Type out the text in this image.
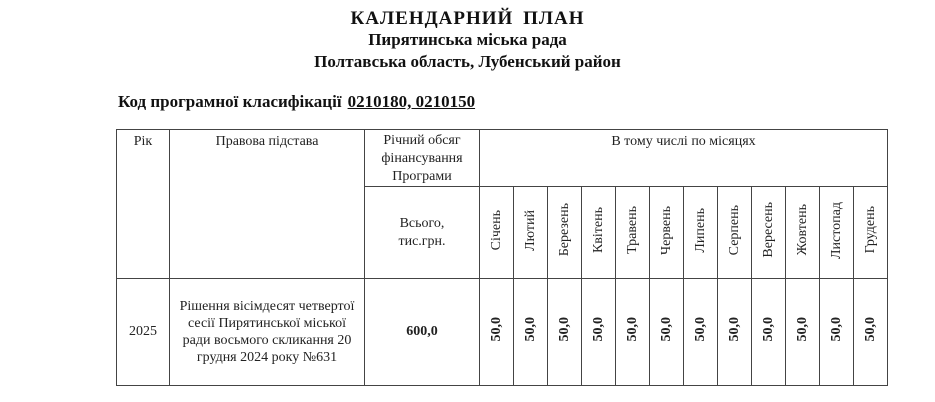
КАЛЕНДАРНИЙ ПЛАН
Пирятинська міська рада
Полтавська область, Лубенський район
Код програмної класифікації 0210180, 0210150
Рік	Правова підстава	Річний обсяг фінансування Програми	В тому числі по місяцях											

		Всього, тис.грн.	Січень	Лютий	Березень	Квітень	Травень	Червень	Липень	Серпень	Вересень	Жовтень	Листопад	Грудень
2025	Рішення вісімдесят четвертої сесії Пирятинської міської ради восьмого скликання 20 грудня 2024 року №631	600,0	50,0	50,0	50,0	50,0	50,0	50,0	50,0	50,0	50,0	50,0	50,0	50,0
